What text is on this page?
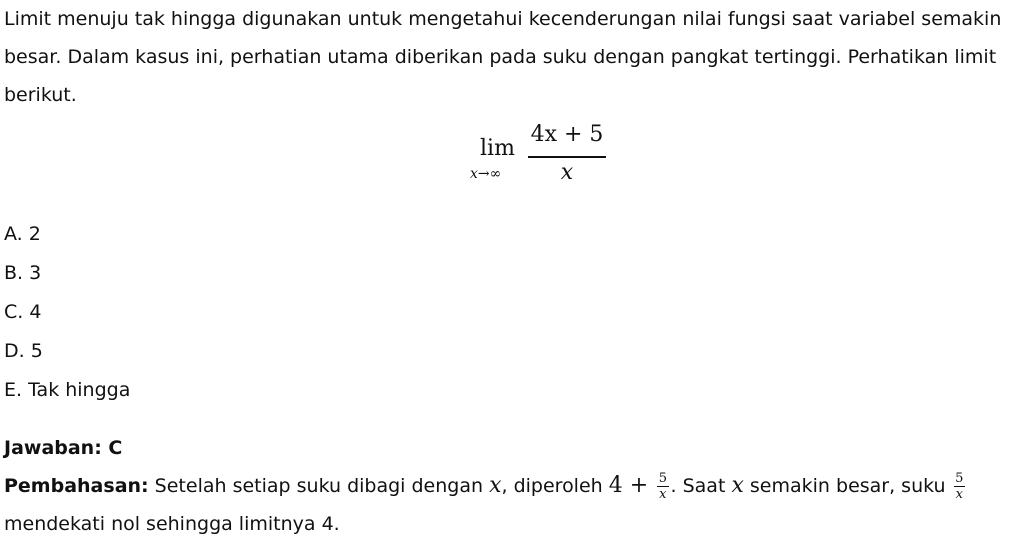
Limit menuju tak hingga digunakan untuk mengetahui kecenderungan nilai fungsi saat variabel semakin besar. Dalam kasus ini, perhatian utama diberikan pada suku dengan pangkat tertinggi. Perhatikan limit berikut.

lim
x→∞
4x + 5
x
A. 2
B. 3
C. 4
D. 5
E. Tak hingga
Jawaban: C

Pembahasan: Setelah setiap suku dibagi dengan x, diperoleh $4 + \frac{5}{x}$ . Saat x semakin besar, suku $\frac{5}{x}$
mendekati nol sehingga limitnya 4.
